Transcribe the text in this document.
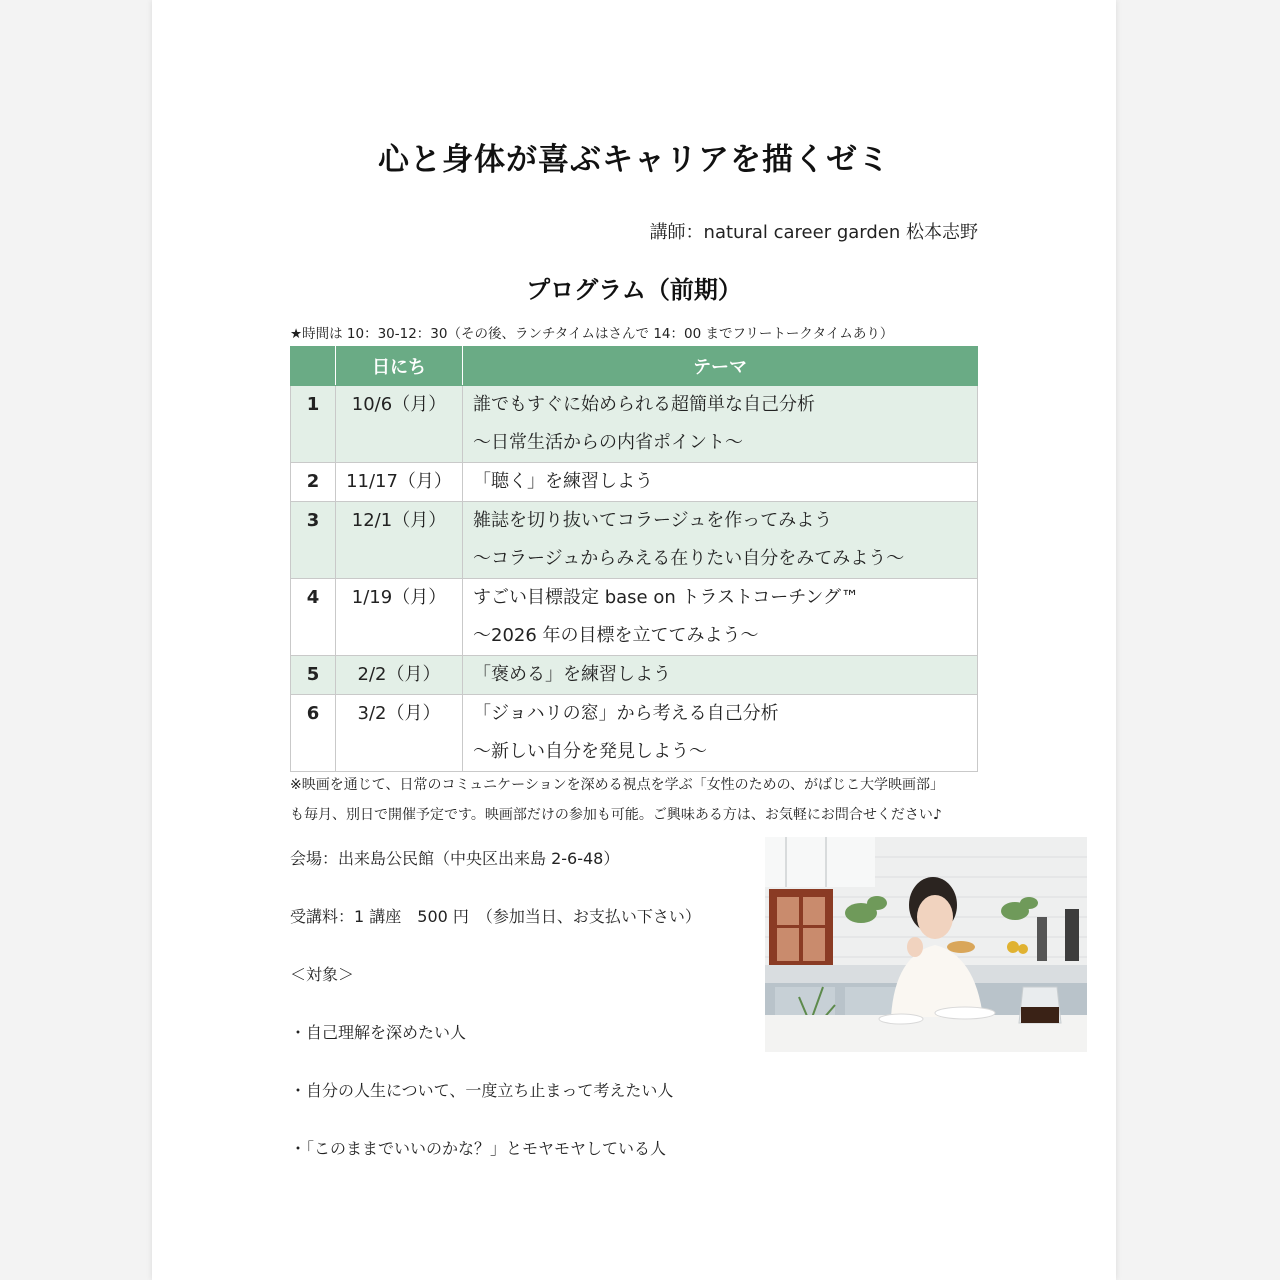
心と身体が喜ぶキャリアを描くゼミ
講師：natural career garden 松本志野
プログラム（前期）
★時間は 10：30-12：30（その後、ランチタイムはさんで 14：00 までフリートークタイムあり）
	日にち	テーマ

1	10/6（月）	誰でもすぐに始められる超簡単な自己分析
～日常生活からの内省ポイント～

2	11/17（月）	「聴く」を練習しよう

3	12/1（月）	雑誌を切り抜いてコラージュを作ってみよう
～コラージュからみえる在りたい自分をみてみよう～

4	1/19（月）	すごい目標設定 base on トラストコーチング™
～2026 年の目標を立ててみよう～

5	2/2（月）	「褒める」を練習しよう

6	3/2（月）	「ジョハリの窓」から考える自己分析
～新しい自分を発見しよう～
※映画を通じて、日常のコミュニケーションを深める視点を学ぶ「女性のための、がばじこ大学映画部」
も毎月、別日で開催予定です。映画部だけの参加も可能。ご興味ある方は、お気軽にお問合せください♪
会場：出来島公民館（中央区出来島 2-6-48）
受講料：1 講座　500 円　（参加当日、お支払い下さい）
＜対象＞
・自己理解を深めたい人
・自分の人生について、一度立ち止まって考えたい人
・「このままでいいのかな？」とモヤモヤしている人
